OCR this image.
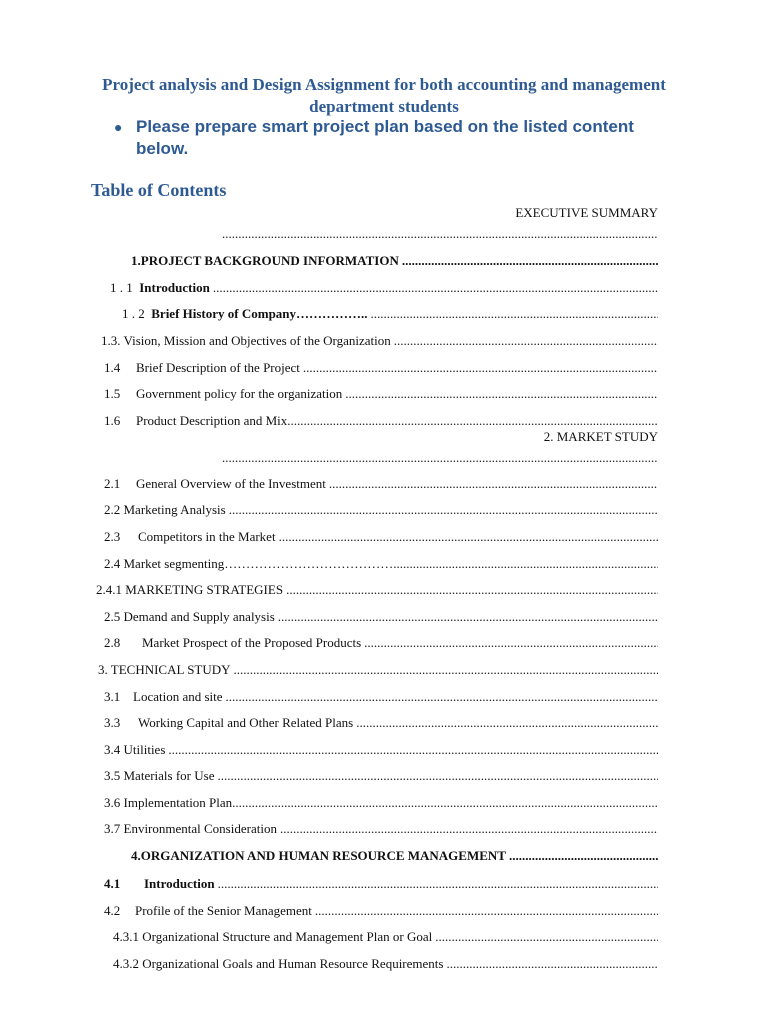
Project analysis and Design Assignment for both accounting and management department students
● Please prepare smart project plan based on the listed content below.
Table of Contents
EXECUTIVE SUMMARY
.....
1.PROJECT BACKGROUND INFORMATION
.....
1 . 1 Introduction
.....
1 . 2 Brief History of Company……………..
.....
1.3. Vision, Mission and Objectives of the Organization
.....
1.4 Brief Description of the Project
.....
1.5 Government policy for the organization
.....
1.6 Product Description and Mix
.....
2. MARKET STUDY
.....
2.1 General Overview of the Investment
.....
2.2 Marketing Analysis
.....
2.3 Competitors in the Market
.....
2.4 Market segmenting…………………………………
.....
2.4.1 MARKETING STRATEGIES
.....
2.5 Demand and Supply analysis
.....
2.8 Market Prospect of the Proposed Products
.....
3. TECHNICAL STUDY
.....
3.1 Location and site
.....
3.3 Working Capital and Other Related Plans
.....
3.4 Utilities
.....
3.5 Materials for Use
.....
3.6 Implementation Plan
.....
3.7 Environmental Consideration
.....
4.ORGANIZATION AND HUMAN RESOURCE MANAGEMENT
.....
4.1 Introduction
.....
4.2 Profile of the Senior Management
.....
4.3.1 Organizational Structure and Management Plan or Goal
.....
4.3.2 Organizational Goals and Human Resource Requirements
.....
